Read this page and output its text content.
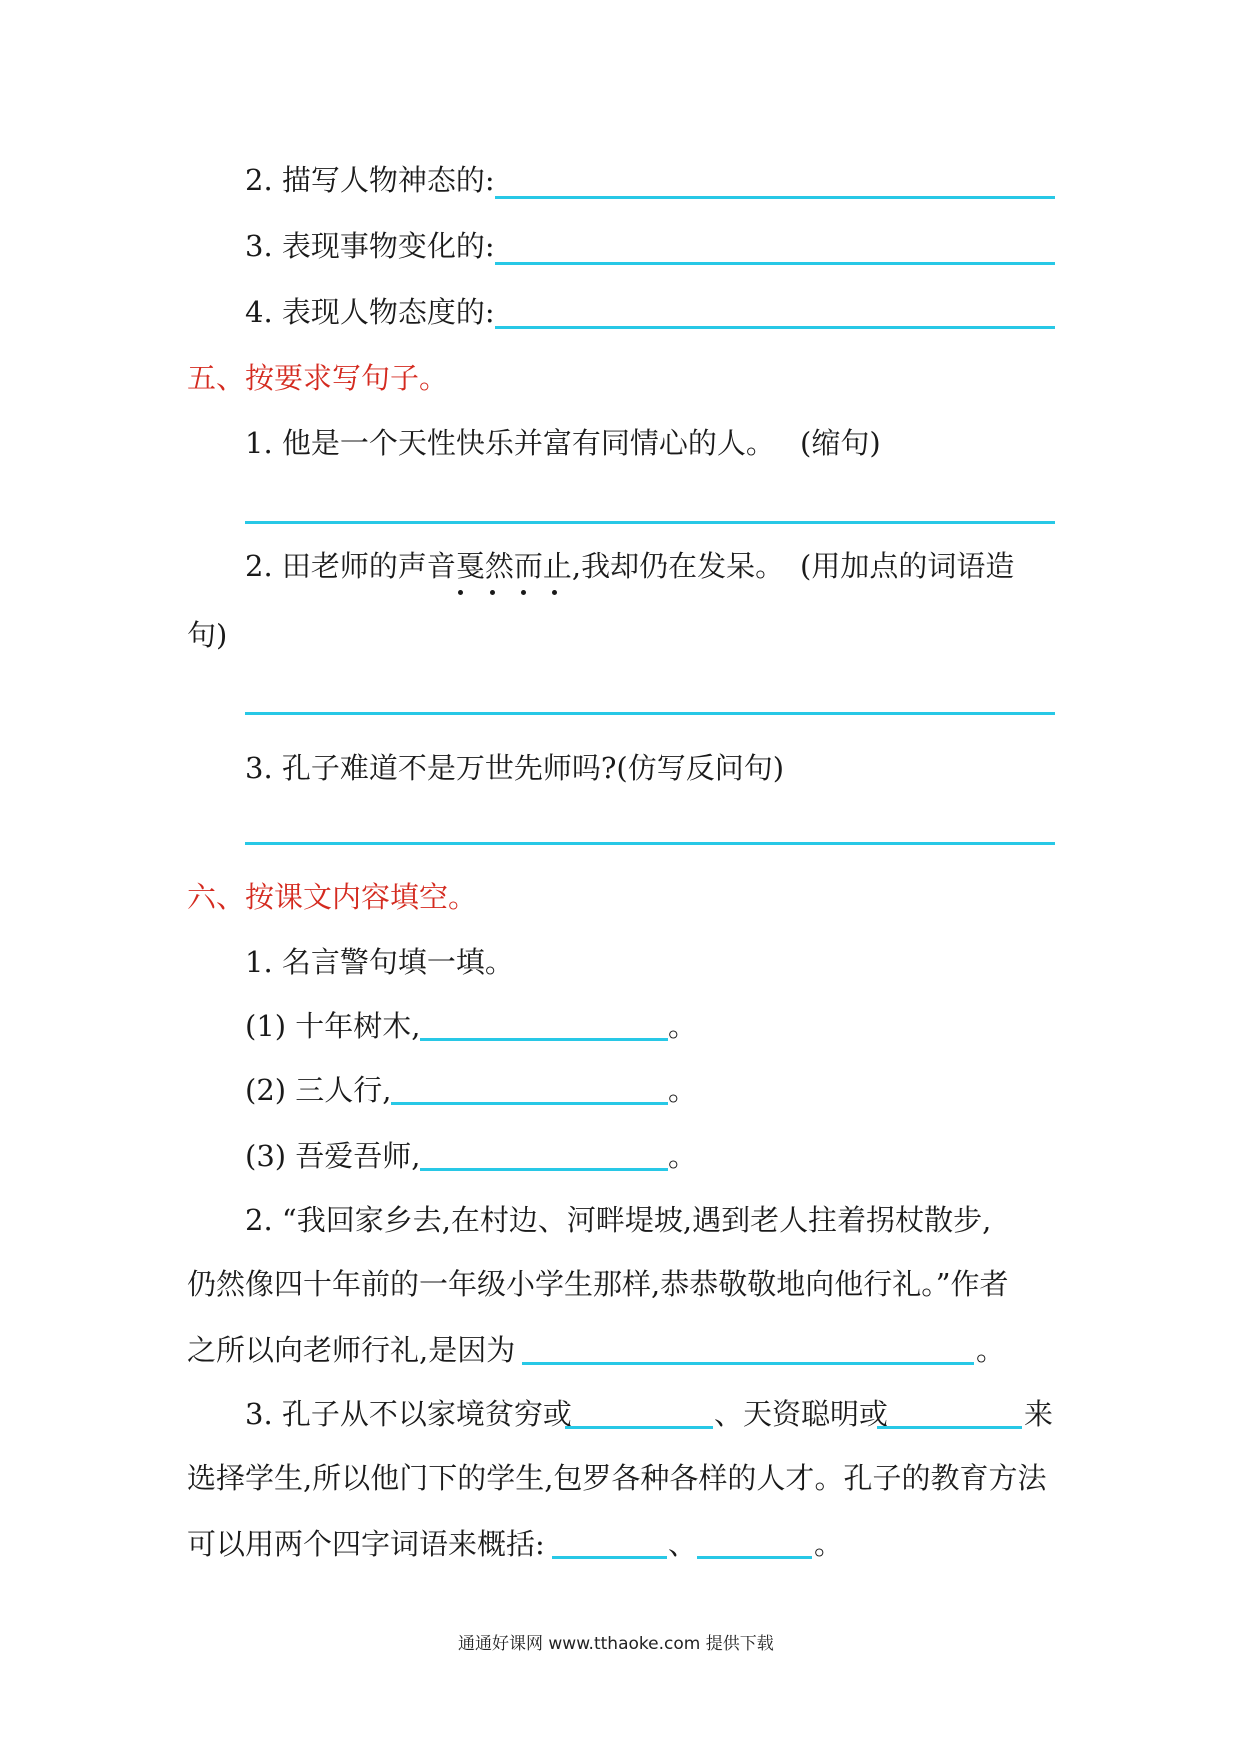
2. 描写人物神态的:
3. 表现事物变化的:
4. 表现人物态度的:
五、按要求写句子。
1. 他是一个天性快乐并富有同情心的人。 (缩句)
2. 田老师的声音戛然而止,我却仍在发呆。 (用加点的词语造
句)
3. 孔子难道不是万世先师吗?(仿写反问句)
六、按课文内容填空。
1. 名言警句填一填。
(1) 十年树木,	。
(2) 三人行,	。
(3) 吾爱吾师,	。
2. “我回家乡去,在村边、河畔堤坡,遇到老人拄着拐杖散步,
仍然像四十年前的一年级小学生那样,恭恭敬敬地向他行礼。”作者
之所以向老师行礼,是因为	。
3. 孔子从不以家境贫穷或	、天资聪明或	来
选择学生,所以他门下的学生,包罗各种各样的人才。孔子的教育方法
可以用两个四字词语来概括:	、	。
通通好课网 www.tthaoke.com 提供下载
